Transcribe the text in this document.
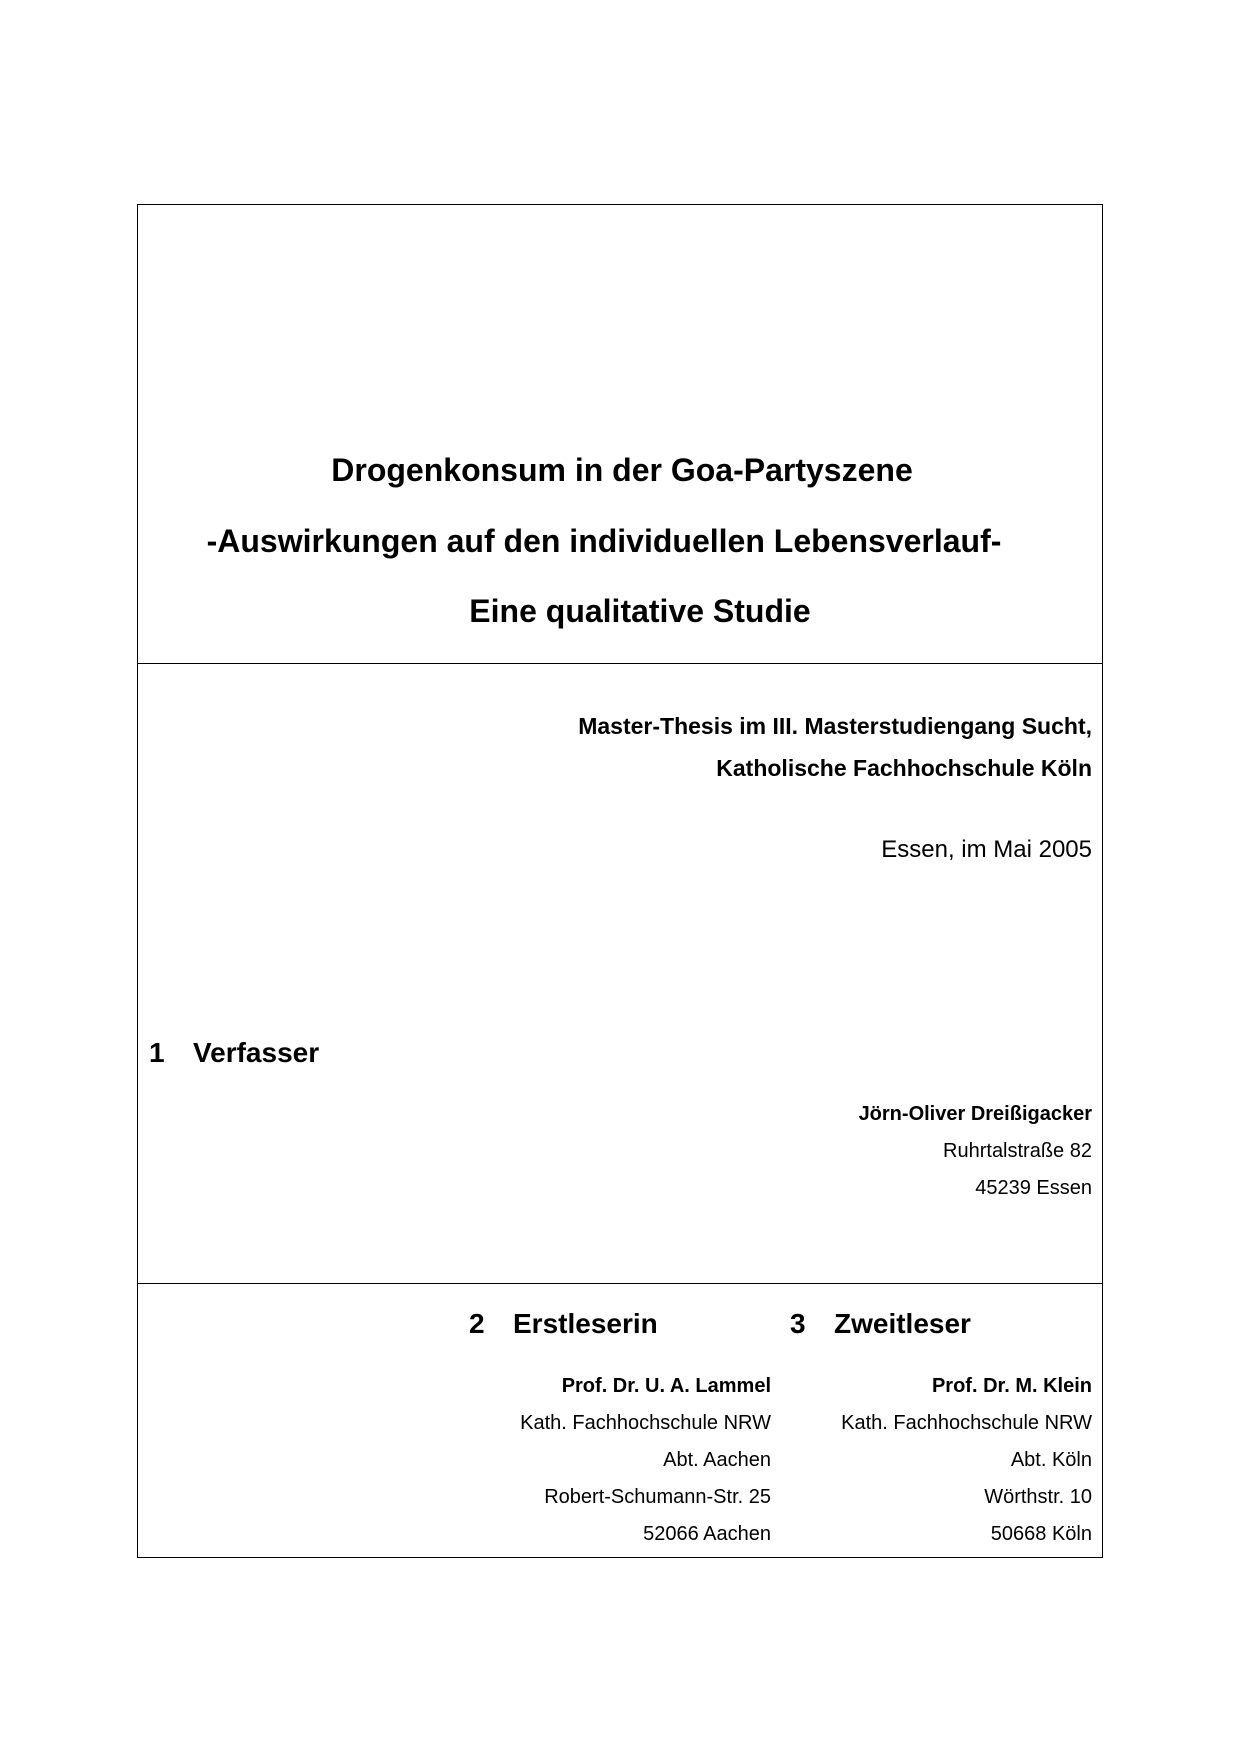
Drogenkonsum in der Goa-Partyszene
-Auswirkungen auf den individuellen Lebensverlauf-
Eine qualitative Studie
Master-Thesis im III. Masterstudiengang Sucht,
Katholische Fachhochschule Köln
Essen, im Mai 2005
1 Verfasser
Jörn-Oliver Dreißigacker
Ruhrtalstraße 82
45239 Essen
2 Erstleserin
Prof. Dr. U. A. Lammel
Kath. Fachhochschule NRW
Abt. Aachen
Robert-Schumann-Str. 25
52066 Aachen
3 Zweitleser
Prof. Dr. M. Klein
Kath. Fachhochschule NRW
Abt. Köln
Wörthstr. 10
50668 Köln
